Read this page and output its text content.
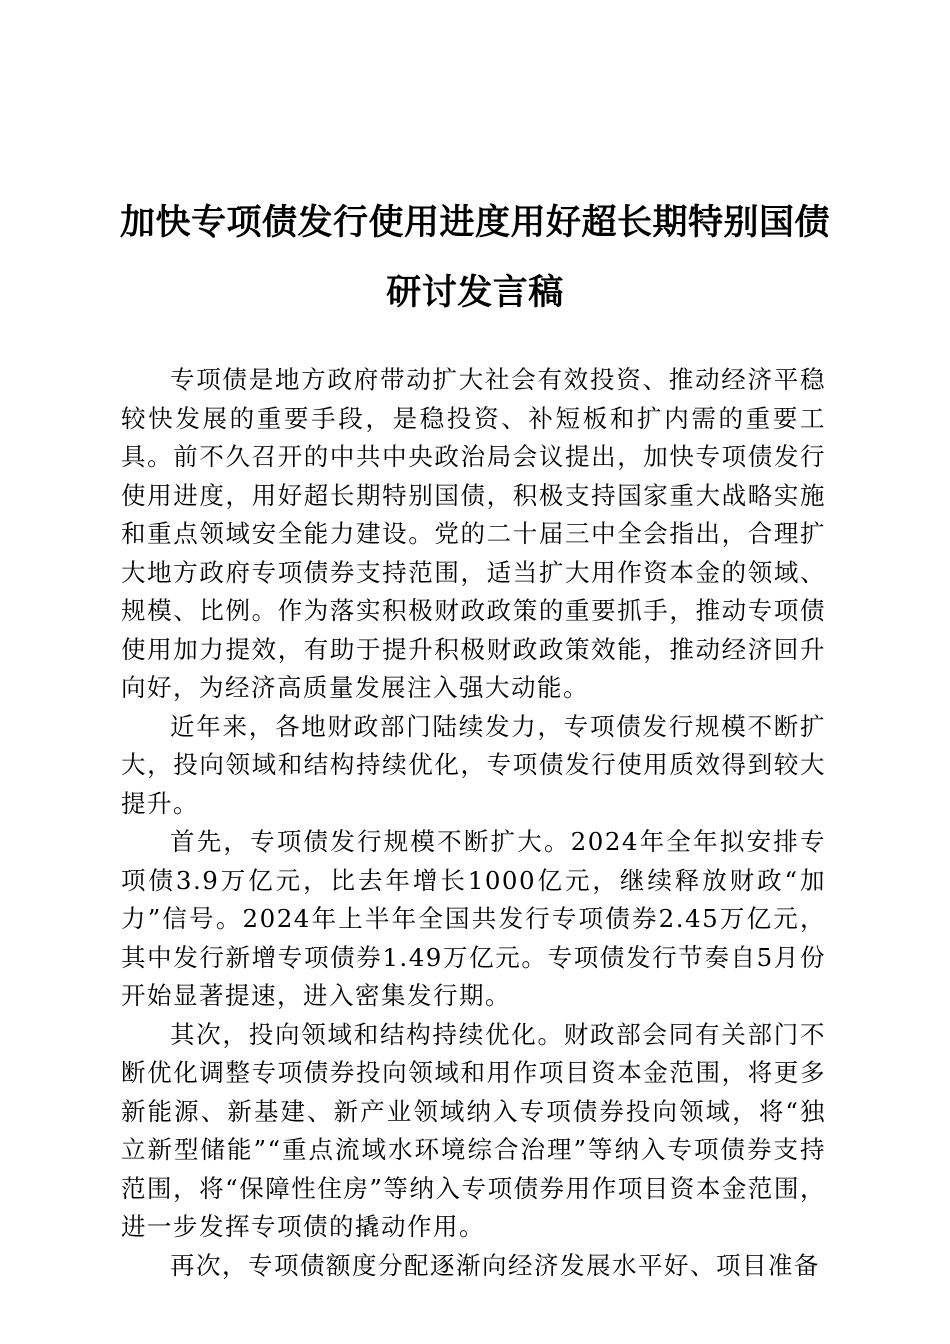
加快专项债发行使用进度用好超长期特别国债
研讨发言稿

专项债是地方政府带动扩大社会有效投资、推动经济平稳较快发展的重要手段，是稳投资、补短板和扩内需的重要工具。前不久召开的中共中央政治局会议提出，加快专项债发行使用进度，用好超长期特别国债，积极支持国家重大战略实施和重点领域安全能力建设。党的二十届三中全会指出，合理扩大地方政府专项债券支持范围，适当扩大用作资本金的领域、规模、比例。作为落实积极财政政策的重要抓手，推动专项债使用加力提效，有助于提升积极财政政策效能，推动经济回升向好，为经济高质量发展注入强大动能。

近年来，各地财政部门陆续发力，专项债发行规模不断扩大，投向领域和结构持续优化，专项债发行使用质效得到较大提升。

首先，专项债发行规模不断扩大。2024年全年拟安排专项债3.9万亿元，比去年增长1000亿元，继续释放财政“加力”信号。2024年上半年全国共发行专项债券2.45万亿元，其中发行新增专项债券1.49万亿元。专项债发行节奏自5月份开始显著提速，进入密集发行期。

其次，投向领域和结构持续优化。财政部会同有关部门不断优化调整专项债券投向领域和用作项目资本金范围，将更多新能源、新基建、新产业领域纳入专项债券投向领域，将“独立新型储能”“重点流域水环境综合治理”等纳入专项债券支持范围，将“保障性住房”等纳入专项债券用作项目资本金范围，进一步发挥专项债的撬动作用。

再次，专项债额度分配逐渐向经济发展水平好、项目准备
